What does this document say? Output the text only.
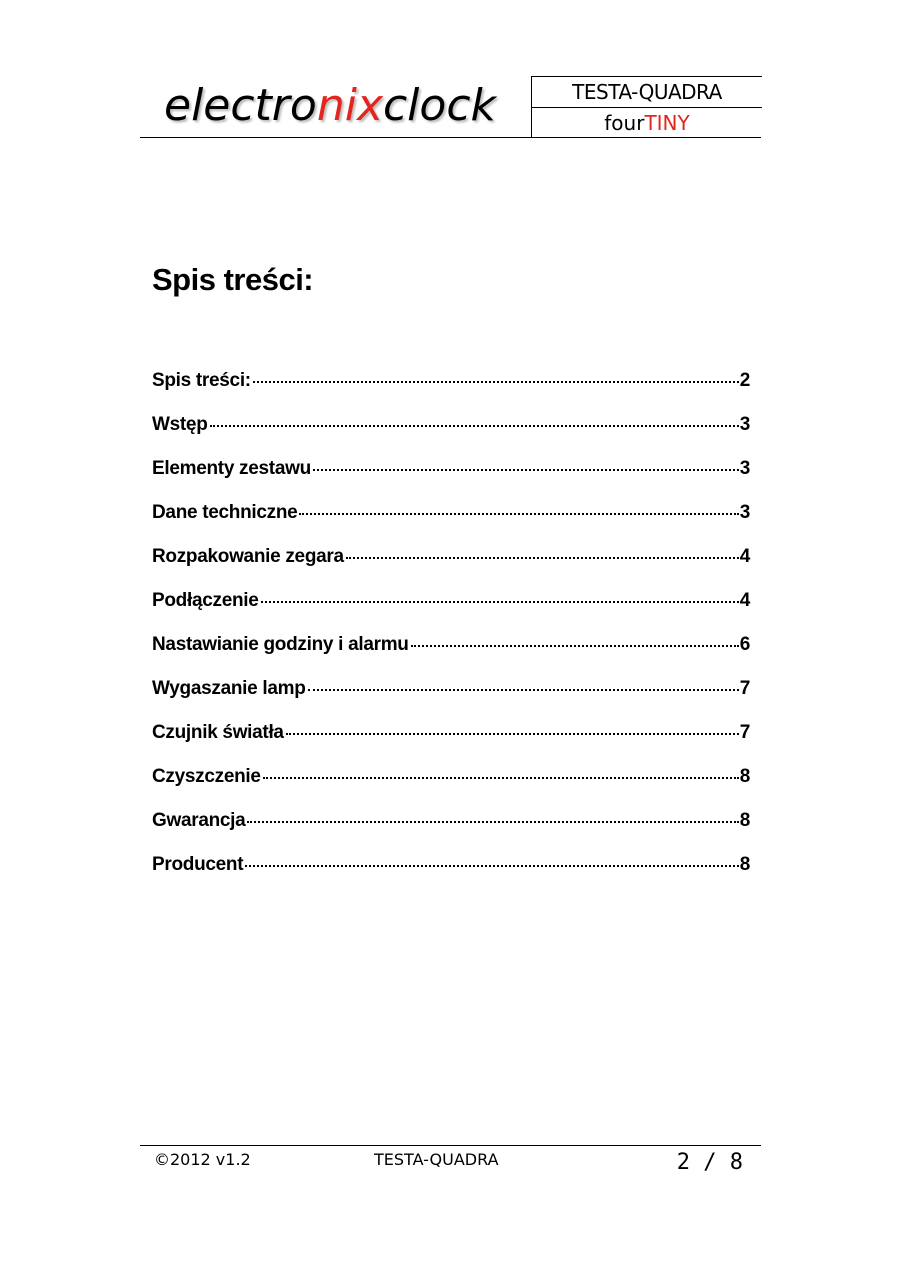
electronixclock	TESTA-QUADRA
fourTINY
Spis treści:
Spis treści:	2
Wstęp	3
Elementy zestawu	3
Dane techniczne	3
Rozpakowanie zegara	4
Podłączenie	4
Nastawianie godziny i alarmu	6
Wygaszanie lamp	7
Czujnik światła	7
Czyszczenie	8
Gwarancja	8
Producent	8
©2012 v1.2	TESTA-QUADRA	2 / 8
